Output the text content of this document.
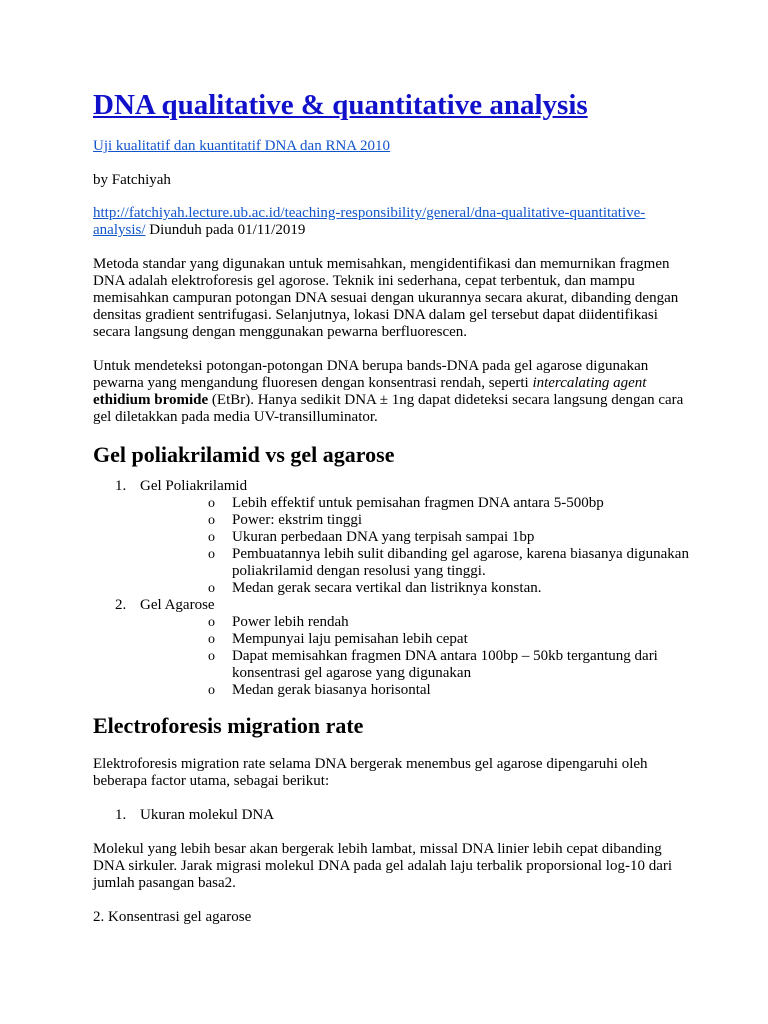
DNA qualitative & quantitative analysis

Uji kualitatif dan kuantitatif DNA dan RNA 2010

by Fatchiyah

http://fatchiyah.lecture.ub.ac.id/teaching-responsibility/general/dna-qualitative-quantitative-
analysis/ Diunduh pada 01/11/2019

Metoda standar yang digunakan untuk memisahkan, mengidentifikasi dan memurnikan fragmen DNA adalah elektroforesis gel agorose. Teknik ini sederhana, cepat terbentuk, dan mampu memisahkan campuran potongan DNA sesuai dengan ukurannya secara akurat, dibanding dengan densitas gradient sentrifugasi. Selanjutnya, lokasi DNA dalam gel tersebut dapat diidentifikasi secara langsung dengan menggunakan pewarna berfluorescen.

Untuk mendeteksi potongan-potongan DNA berupa bands-DNA pada gel agarose digunakan pewarna yang mengandung fluoresen dengan konsentrasi rendah, seperti intercalating agent ethidium bromide (EtBr). Hanya sedikit DNA ± 1ng dapat dideteksi secara langsung dengan cara gel diletakkan pada media UV-transilluminator.

Gel poliakrilamid vs gel agarose
1. Gel Poliakrilamid
o Lebih effektif untuk pemisahan fragmen DNA antara 5-500bp
o Power: ekstrim tinggi
o Ukuran perbedaan DNA yang terpisah sampai 1bp
o Pembuatannya lebih sulit dibanding gel agarose, karena biasanya digunakan poliakrilamid dengan resolusi yang tinggi.
o Medan gerak secara vertikal dan listriknya konstan.
2. Gel Agarose
o Power lebih rendah
o Mempunyai laju pemisahan lebih cepat
o Dapat memisahkan fragmen DNA antara 100bp – 50kb tergantung dari konsentrasi gel agarose yang digunakan
o Medan gerak biasanya horisontal
Electroforesis migration rate

Elektroforesis migration rate selama DNA bergerak menembus gel agarose dipengaruhi oleh beberapa factor utama, sebagai berikut:

1. Ukuran molekul DNA

Molekul yang lebih besar akan bergerak lebih lambat, missal DNA linier lebih cepat dibanding DNA sirkuler. Jarak migrasi molekul DNA pada gel adalah laju terbalik proporsional log-10 dari jumlah pasangan basa2.

2. Konsentrasi gel agarose
